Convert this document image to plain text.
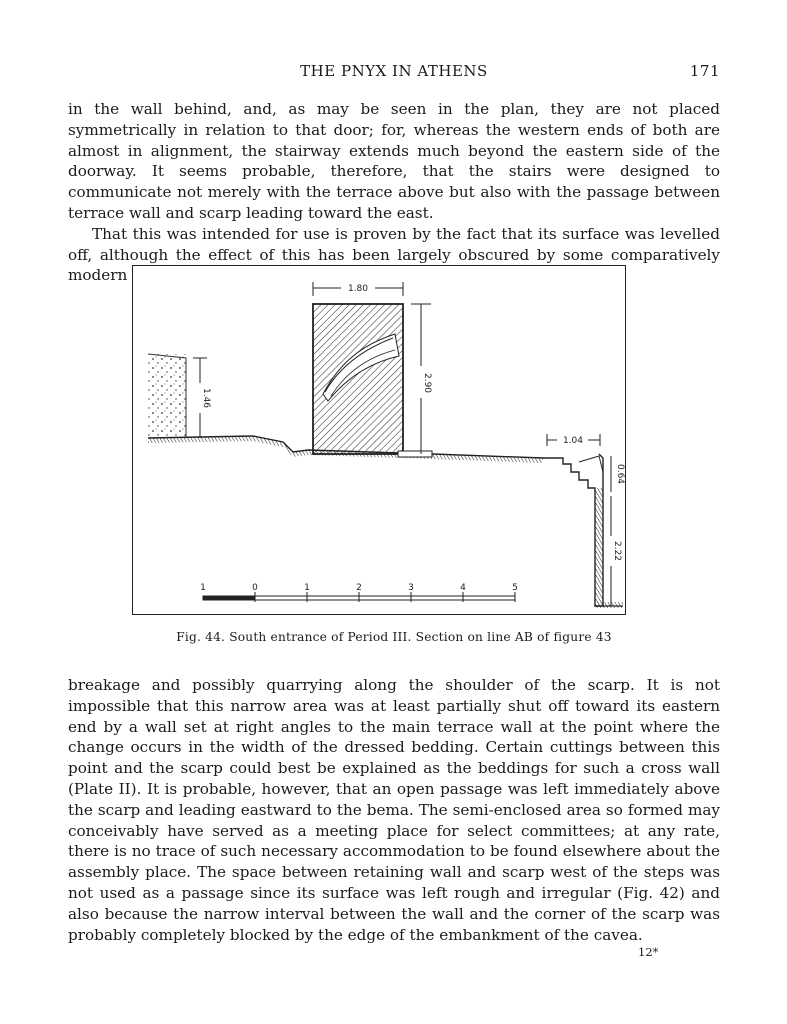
THE PNYX IN ATHENS	171

in the wall behind, and, as may be seen in the plan, they are not placed symmetrically in relation to that door; for, whereas the western ends of both are almost in alignment, the stairway extends much beyond the eastern side of the doorway. It seems probable, therefore, that the stairs were designed to communicate not merely with the terrace above but also with the passage between terrace wall and scarp leading toward the east.

That this was intended for use is proven by the fact that its surface was levelled off, although the effect of this has been largely obscured by some comparatively modern

1.80
2.90
1.46
1.04
0.64
2.22
1	0	1	2	3	4	5
Fig. 44. South entrance of Period III. Section on line AB of figure 43

breakage and possibly quarrying along the shoulder of the scarp. It is not impossible that this narrow area was at least partially shut off toward its eastern end by a wall set at right angles to the main terrace wall at the point where the change occurs in the width of the dressed bedding. Certain cuttings between this point and the scarp could best be explained as the beddings for such a cross wall (Plate II). It is probable, however, that an open passage was left immediately above the scarp and leading eastward to the bema. The semi-enclosed area so formed may conceivably have served as a meeting place for select committees; at any rate, there is no trace of such necessary accommodation to be found elsewhere about the assembly place. The space between retaining wall and scarp west of the steps was not used as a passage since its surface was left rough and irregular (Fig. 42) and also because the narrow interval between the wall and the corner of the scarp was probably completely blocked by the edge of the embankment of the cavea.

12*
